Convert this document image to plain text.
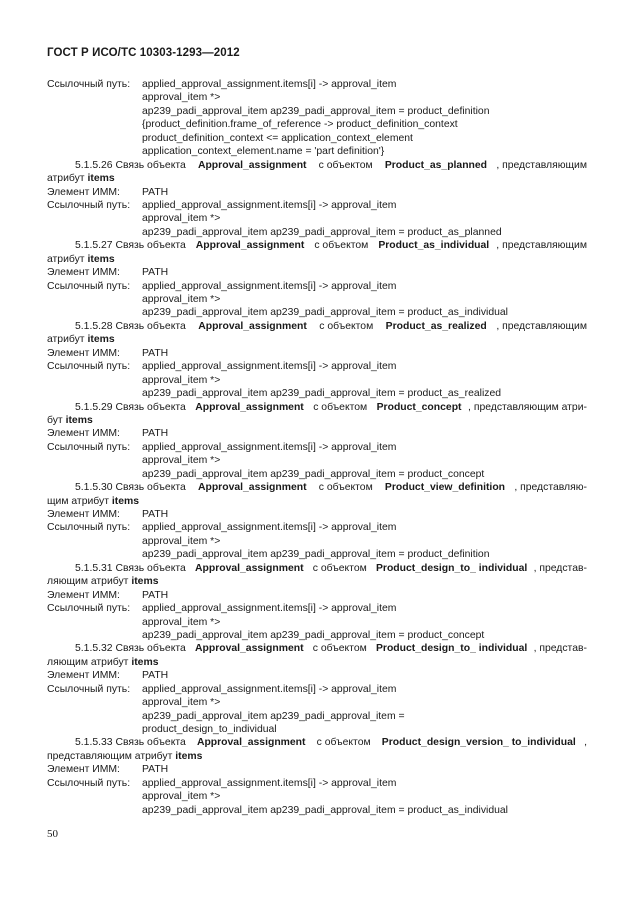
ГОСТ Р ИСО/ТС 10303-1293—2012
Ссылочный путь: applied_approval_assignment.items[i] -> approval_item
approval_item *>
ap239_padi_approval_item ap239_padi_approval_item = product_definition
{product_definition.frame_of_reference -> product_definition_context
product_definition_context <= application_context_element
application_context_element.name = 'part definition'}
5.1.5.26 Связь объекта Approval_assignment с объектом Product_as_planned , представляющим
атрибут items
Элемент ИММ: PATH
Ссылочный путь: applied_approval_assignment.items[i] -> approval_item
approval_item *>
ap239_padi_approval_item ap239_padi_approval_item = product_as_planned
5.1.5.27 Связь объекта Approval_assignment с объектом Product_as_individual , представляющим
атрибут items
Элемент ИММ: PATH
Ссылочный путь: applied_approval_assignment.items[i] -> approval_item
approval_item *>
ap239_padi_approval_item ap239_padi_approval_item = product_as_individual
5.1.5.28 Связь объекта Approval_assignment с объектом Product_as_realized , представляющим
атрибут items
Элемент ИММ: PATH
Ссылочный путь: applied_approval_assignment.items[i] -> approval_item
approval_item *>
ap239_padi_approval_item ap239_padi_approval_item = product_as_realized
5.1.5.29 Связь объекта Approval_assignment с объектом Product_concept , представляющим атри-
бут items
Элемент ИММ: PATH
Ссылочный путь: applied_approval_assignment.items[i] -> approval_item
approval_item *>
ap239_padi_approval_item ap239_padi_approval_item = product_concept
5.1.5.30 Связь объекта Approval_assignment с объектом Product_view_definition , представляю-
щим атрибут items
Элемент ИММ: PATH
Ссылочный путь: applied_approval_assignment.items[i] -> approval_item
approval_item *>
ap239_padi_approval_item ap239_padi_approval_item = product_definition
5.1.5.31 Связь объекта Approval_assignment с объектом Product_design_to_ individual , представ-
ляющим атрибут items
Элемент ИММ: PATH
Ссылочный путь: applied_approval_assignment.items[i] -> approval_item
approval_item *>
ap239_padi_approval_item ap239_padi_approval_item = product_concept
5.1.5.32 Связь объекта Approval_assignment с объектом Product_design_to_ individual , представ-
ляющим атрибут items
Элемент ИММ: PATH
Ссылочный путь: applied_approval_assignment.items[i] -> approval_item
approval_item *>
ap239_padi_approval_item ap239_padi_approval_item =
product_design_to_individual
5.1.5.33 Связь объекта Approval_assignment с объектом Product_design_version_ to_individual ,
представляющим атрибут items
Элемент ИММ: PATH
Ссылочный путь: applied_approval_assignment.items[i] -> approval_item
approval_item *>
ap239_padi_approval_item ap239_padi_approval_item = product_as_individual
50
